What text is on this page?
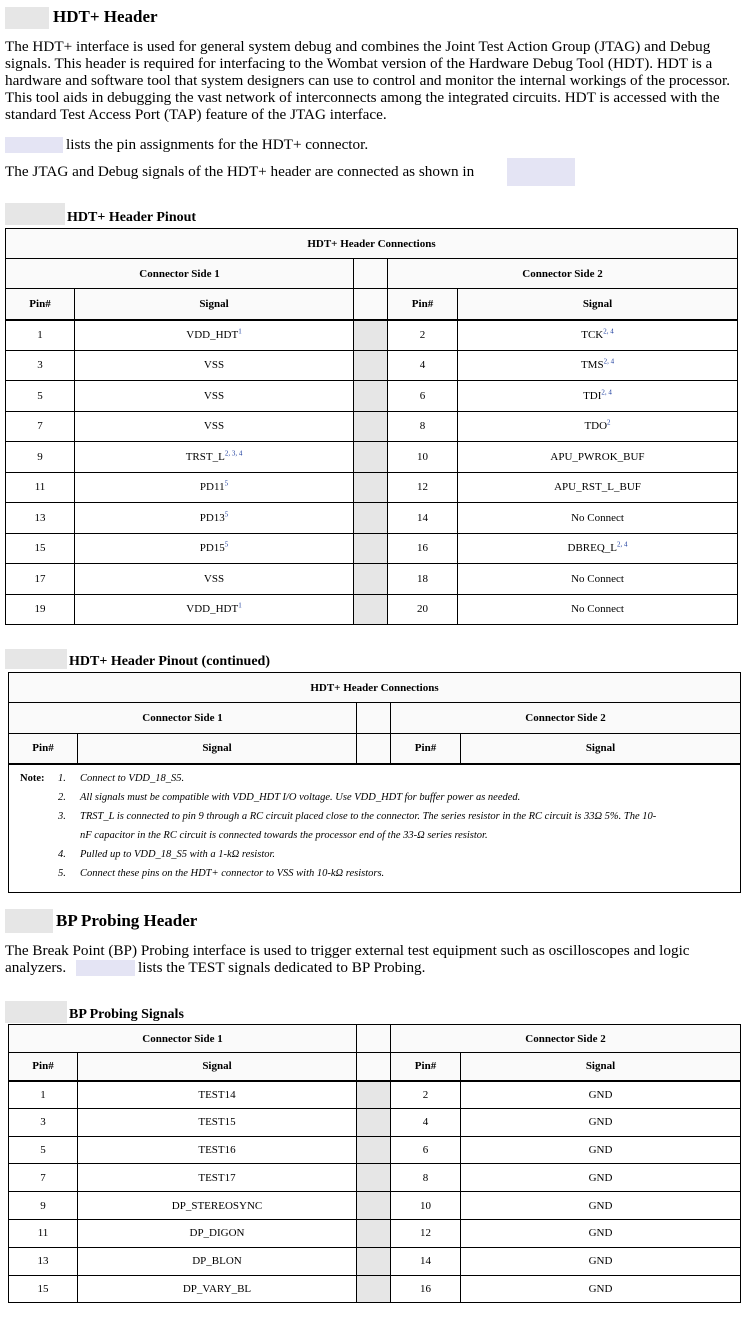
HDT+ Header
The HDT+ interface is used for general system debug and combines the Joint Test Action Group (JTAG) and Debug signals. This header is required for interfacing to the Wombat version of the Hardware Debug Tool (HDT). HDT is a hardware and software tool that system designers can use to control and monitor the internal workings of the processor. This tool aids in debugging the vast network of interconnects among the integrated circuits. HDT is accessed with the standard Test Access Port (TAP) feature of the JTAG interface.
lists the pin assignments for the HDT+ connector.
The JTAG and Debug signals of the HDT+ header are connected as shown in
HDT+ Header Pinout
HDT+ Header Connections				
Connector Side 1			Connector Side 2	
Pin#	Signal		Pin#	Signal
1	VDD_HDT$^1$		2	TCK$^{2, 4}$
3	VSS		4	TMS$^{2, 4}$
5	VSS		6	TDI$^{2, 4}$
7	VSS		8	TDO$^2$
9	$TRST\_L^{2, 3, 4}$		10	APU_PWROK_BUF
11	$PD11^5$		12	APU_RST_L_BUF
13	$PD13^5$		14	No Connect
15	$PD15^5$		16	$DBREQ\_L^{2, 4}$
17	VSS		18	No Connect
19	VDD_HDT$^1$		20	No Connect
HDT+ Header Pinout (continued)
HDT+ Header Connections				
Connector Side 1			Connector Side 2	
Pin#	Signal		Pin#	Signal
Note: 1. Connect to VDD_18_S5.
2. All signals must be compatible with VDD_HDT I/O voltage. Use VDD_HDT for buffer power as needed.
3. TRST_L is connected to pin 9 through a RC circuit placed close to the connector. The series resistor in the RC circuit is 33Ω 5%. The 10-
nF capacitor in the RC circuit is connected towards the processor end of the 33-Ω series resistor.
4. Pulled up to VDD_18_S5 with a 1-kΩ resistor.
5. Connect these pins on the HDT+ connector to VSS with 10-kΩ resistors.
BP Probing Header
The Break Point (BP) Probing interface is used to trigger external test equipment such as oscilloscopes and logic
analyzers.	lists the TEST signals dedicated to BP Probing.
BP Probing Signals
Connector Side 1			Connector Side 2	
Pin#	Signal		Pin#	Signal
1	TEST14		2	GND
3	TEST15		4	GND
5	TEST16		6	GND
7	TEST17		8	GND
9	DP_STEREOSYNC		10	GND
11	DP_DIGON		12	GND
13	DP_BLON		14	GND
15	DP_VARY_BL		16	GND
